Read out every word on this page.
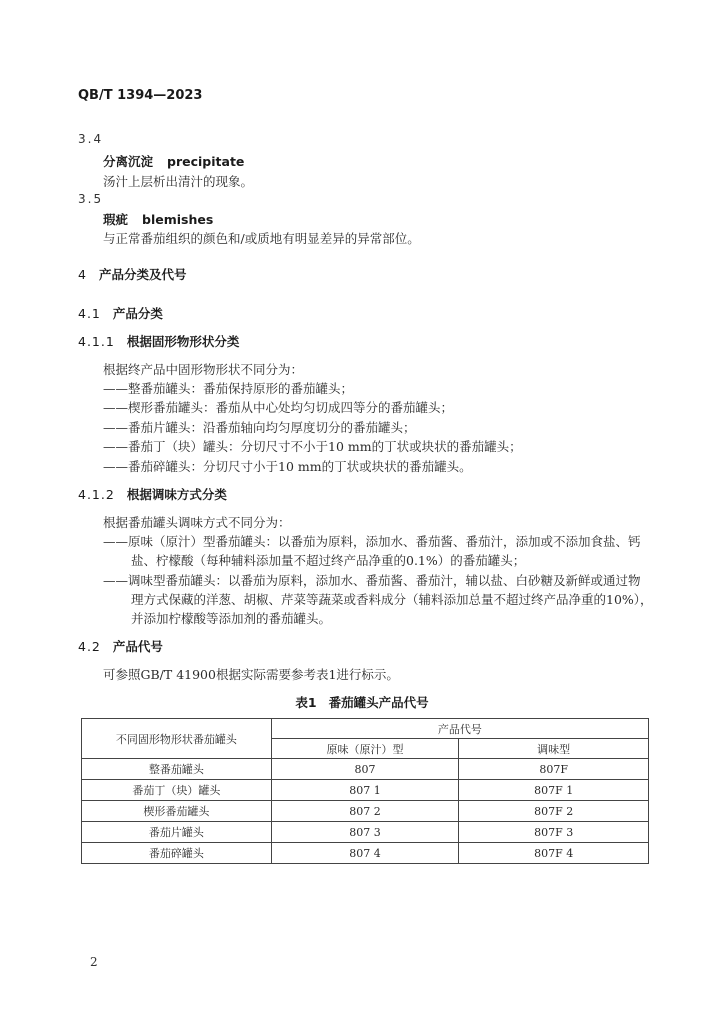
QB/T 1394—2023
3.4
分离沉淀 precipitate
汤汁上层析出清汁的现象。
3.5
瑕疵 blemishes
与正常番茄组织的颜色和/或质地有明显差异的异常部位。
4 产品分类及代号
4.1 产品分类
4.1.1 根据固形物形状分类
根据终产品中固形物形状不同分为：
——整番茄罐头：番茄保持原形的番茄罐头；
——楔形番茄罐头：番茄从中心处均匀切成四等分的番茄罐头；
——番茄片罐头：沿番茄轴向均匀厚度切分的番茄罐头；
——番茄丁（块）罐头：分切尺寸不小于10 mm的丁状或块状的番茄罐头；
——番茄碎罐头：分切尺寸小于10 mm的丁状或块状的番茄罐头。
4.1.2 根据调味方式分类
根据番茄罐头调味方式不同分为：
——原味（原汁）型番茄罐头：以番茄为原料，添加水、番茄酱、番茄汁，添加或不添加食盐、钙
盐、柠檬酸（每种辅料添加量不超过终产品净重的0.1%）的番茄罐头；
——调味型番茄罐头：以番茄为原料，添加水、番茄酱、番茄汁，辅以盐、白砂糖及新鲜或通过物
理方式保藏的洋葱、胡椒、芹菜等蔬菜或香料成分（辅料添加总量不超过终产品净重的10%），
并添加柠檬酸等添加剂的番茄罐头。
4.2 产品代号
可参照GB/T 41900根据实际需要参考表1进行标示。
表1 番茄罐头产品代号
不同固形物形状番茄罐头	产品代号	
	原味（原汁）型	调味型
整番茄罐头	807	807F
番茄丁（块）罐头	807 1	807F 1
楔形番茄罐头	807 2	807F 2
番茄片罐头	807 3	807F 3
番茄碎罐头	807 4	807F 4
2
